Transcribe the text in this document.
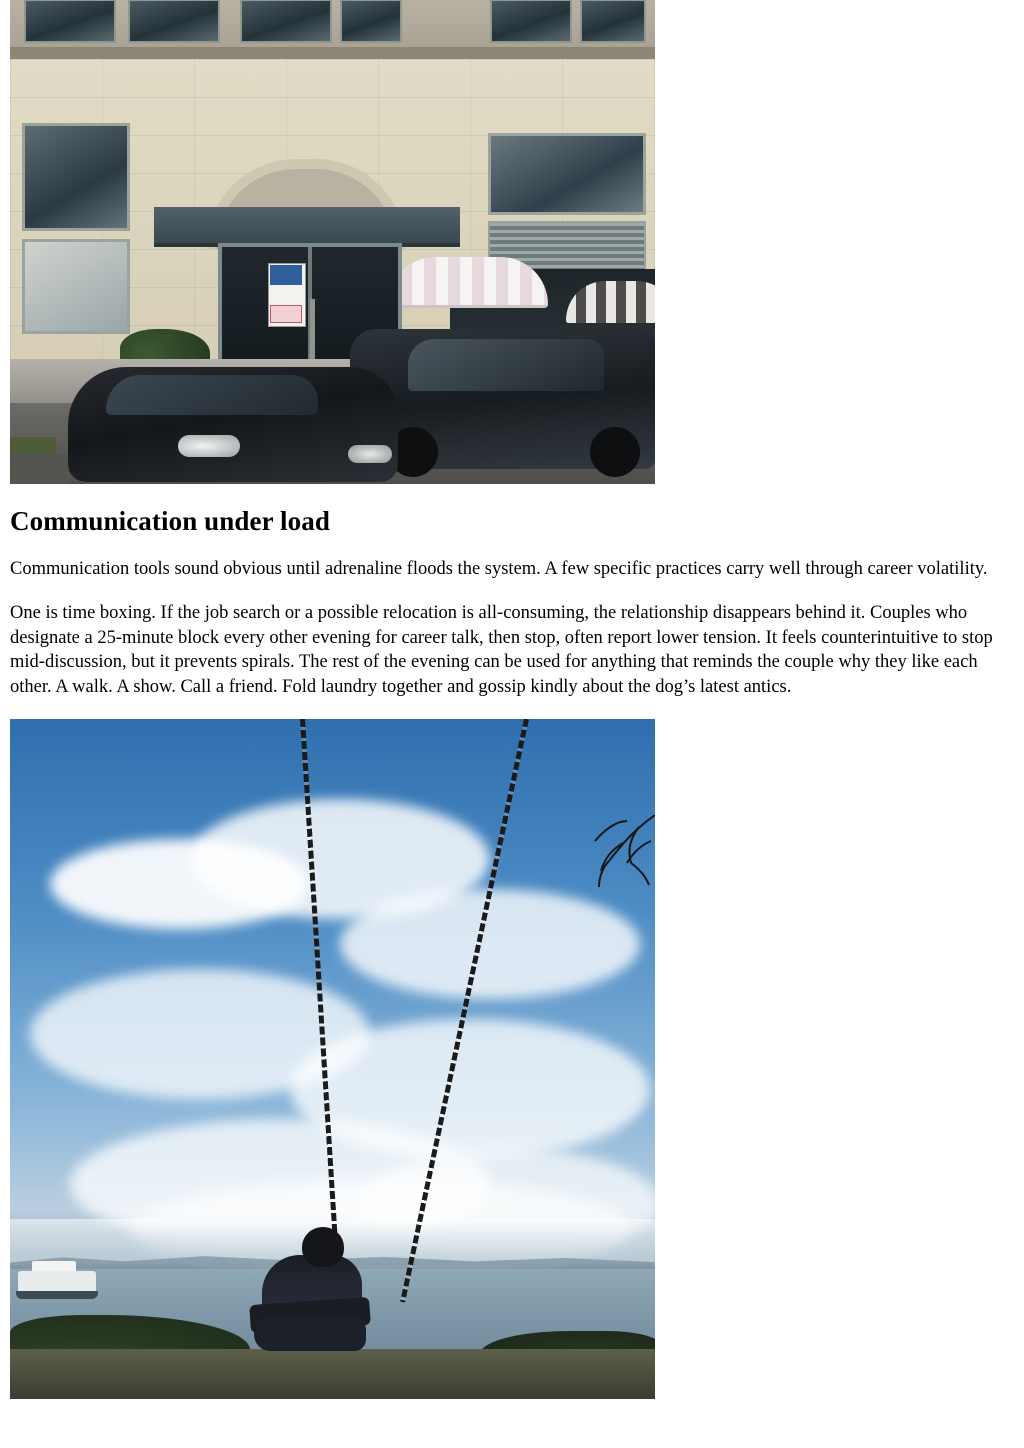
Communication under load

Communication tools sound obvious until adrenaline floods the system. A few specific practices carry well through career volatility.

One is time boxing. If the job search or a possible relocation is all-consuming, the relationship disappears behind it. Couples who designate a 25-minute block every other evening for career talk, then stop, often report lower tension. It feels counterintuitive to stop mid-discussion, but it prevents spirals. The rest of the evening can be used for anything that reminds the couple why they like each other. A walk. A show. Call a friend. Fold laundry together and gossip kindly about the dog’s latest antics.
